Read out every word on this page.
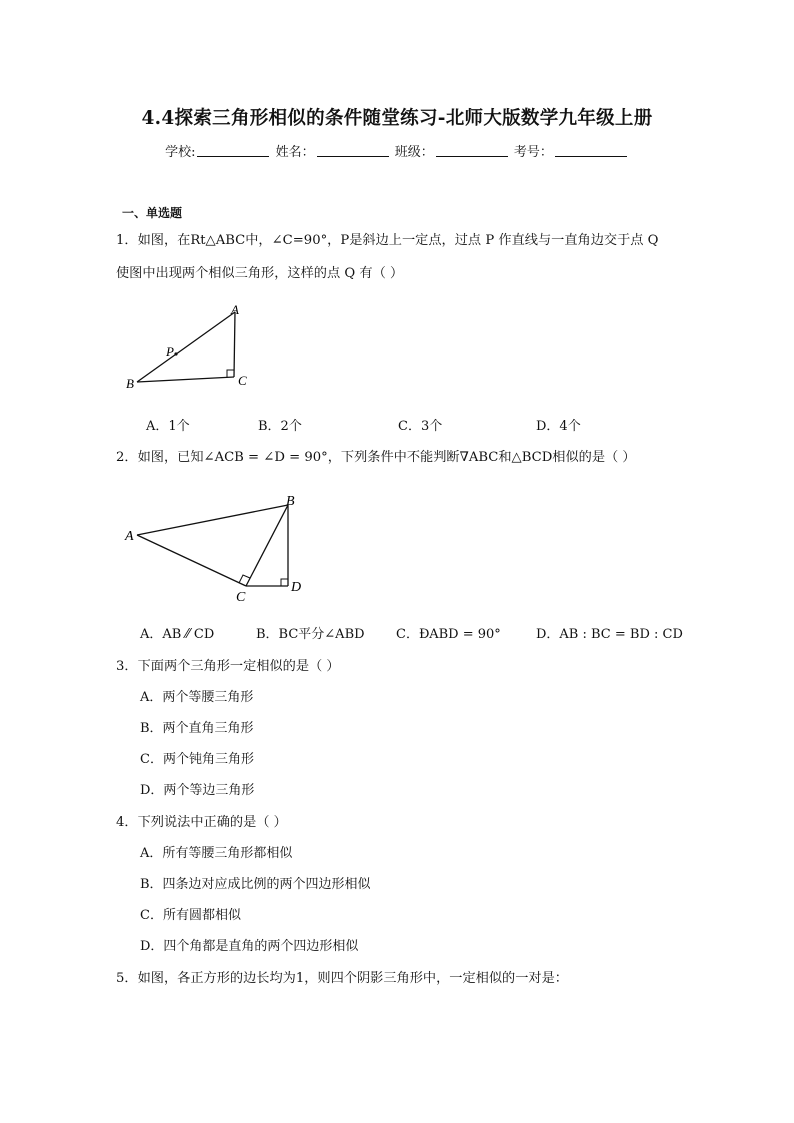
4.4探索三角形相似的条件随堂练习-北师大版数学九年级上册
学校:	姓名：	班级：	考号：
一、单选题
1．如图，在Rt△ABC中，∠C=90°，P是斜边上一定点，过点 P 作直线与一直角边交于点 Q
使图中出现两个相似三角形，这样的点 Q 有（ ）
A
B	C
P
A．1个	B．2个	C．3个	D．4个
2．如图，已知∠ACB = ∠D = 90°，下列条件中不能判断∇ABC和△BCD相似的是（ ）
A
B
C
D
A．AB ⁄⁄ CD	B．BC平分∠ABD C．ÐABD = 90°	D．AB : BC = BD : CD
3．下面两个三角形一定相似的是（ ）
A．两个等腰三角形
B．两个直角三角形
C．两个钝角三角形
D．两个等边三角形
4．下列说法中正确的是（ ）
A．所有等腰三角形都相似
B．四条边对应成比例的两个四边形相似
C．所有圆都相似
D．四个角都是直角的两个四边形相似
5．如图，各正方形的边长均为1，则四个阴影三角形中，一定相似的一对是：
